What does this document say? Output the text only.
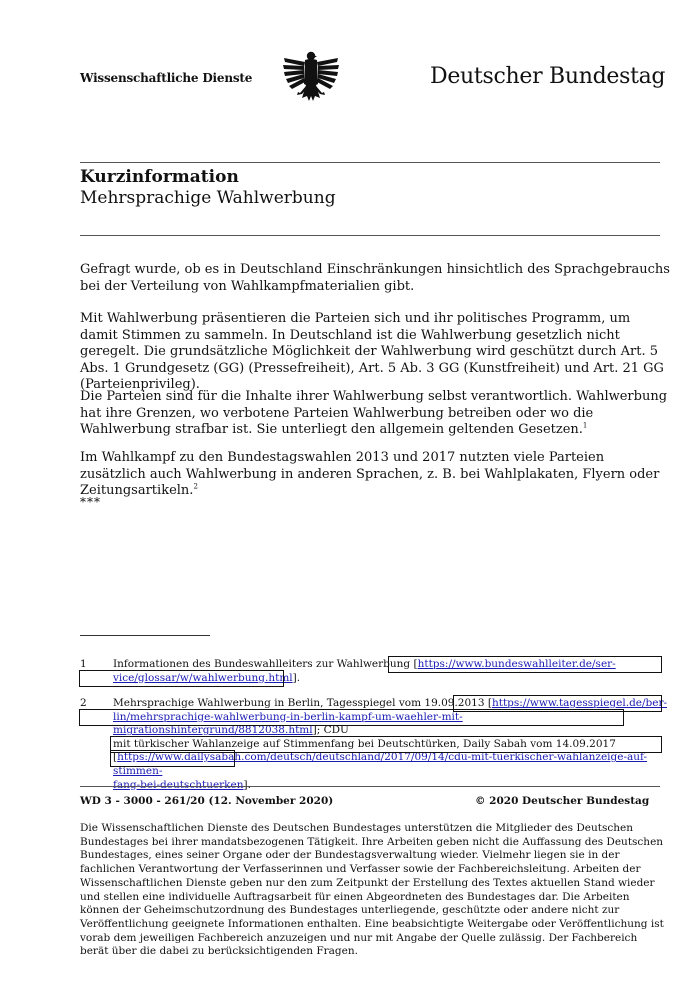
Wissenschaftliche Dienste	Deutscher Bundestag
Kurzinformation
Mehrsprachige Wahlwerbung
Gefragt wurde, ob es in Deutschland Einschränkungen hinsichtlich des Sprachgebrauchs bei der Verteilung von Wahlkampfmaterialien gibt.
Mit Wahlwerbung präsentieren die Parteien sich und ihr politisches Programm, um damit Stimmen zu sammeln. In Deutschland ist die Wahlwerbung gesetzlich nicht geregelt. Die grundsätzliche Möglichkeit der Wahlwerbung wird geschützt durch Art. 5 Abs. 1 Grundgesetz (GG) (Pressefreiheit), Art. 5 Ab. 3 GG (Kunstfreiheit) und Art. 21 GG (Parteienprivileg).
Die Parteien sind für die Inhalte ihrer Wahlwerbung selbst verantwortlich. Wahlwerbung hat ihre Grenzen, wo verbotene Parteien Wahlwerbung betreiben oder wo die Wahlwerbung strafbar ist. Sie unterliegt den allgemein geltenden Gesetzen.$^1$
Im Wahlkampf zu den Bundestagswahlen 2013 und 2017 nutzten viele Parteien zusätzlich auch Wahlwerbung in anderen Sprachen, z. B. bei Wahlplakaten, Flyern oder Zeitungsartikeln.$^2$
***
1	Informationen des Bundeswahlleiters zur Wahlwerbung [https://www.bundeswahlleiter.de/ser-
vice/glossar/w/wahlwerbung.html].
2	Mehrsprachige Wahlwerbung in Berlin, Tagesspiegel vom 19.09.2013 [https://www.tagesspiegel.de/ber-
lin/mehrsprachige-wahlwerbung-in-berlin-kampf-um-waehler-mit-migrationshintergrund/8812038.html]; CDU
mit türkischer Wahlanzeige auf Stimmenfang bei Deutschtürken, Daily Sabah vom 14.09.2017
[https://www.dailysabah.com/deutsch/deutschland/2017/09/14/cdu-mit-tuerkischer-wahlanzeige-auf-stimmen-
fang-bei-deutschtuerken].
WD 3 - 3000 - 261/20 (12. November 2020)	© 2020 Deutscher Bundestag
Die Wissenschaftlichen Dienste des Deutschen Bundestages unterstützen die Mitglieder des Deutschen Bundestages bei ihrer mandatsbezogenen Tätigkeit. Ihre Arbeiten geben nicht die Auffassung des Deutschen Bundestages, eines seiner Organe oder der Bundestagsverwaltung wieder. Vielmehr liegen sie in der fachlichen Verantwortung der Verfasserinnen und Verfasser sowie der Fachbereichsleitung. Arbeiten der Wissenschaftlichen Dienste geben nur den zum Zeitpunkt der Erstellung des Textes aktuellen Stand wieder und stellen eine individuelle Auftragsarbeit für einen Abgeordneten des Bundestages dar. Die Arbeiten können der Geheimschutzordnung des Bundestages unterliegende, geschützte oder andere nicht zur Veröffentlichung geeignete Informationen enthalten. Eine beabsichtigte Weitergabe oder Veröffentlichung ist vorab dem jeweiligen Fachbereich anzuzeigen und nur mit Angabe der Quelle zulässig. Der Fachbereich berät über die dabei zu berücksichtigenden Fragen.
